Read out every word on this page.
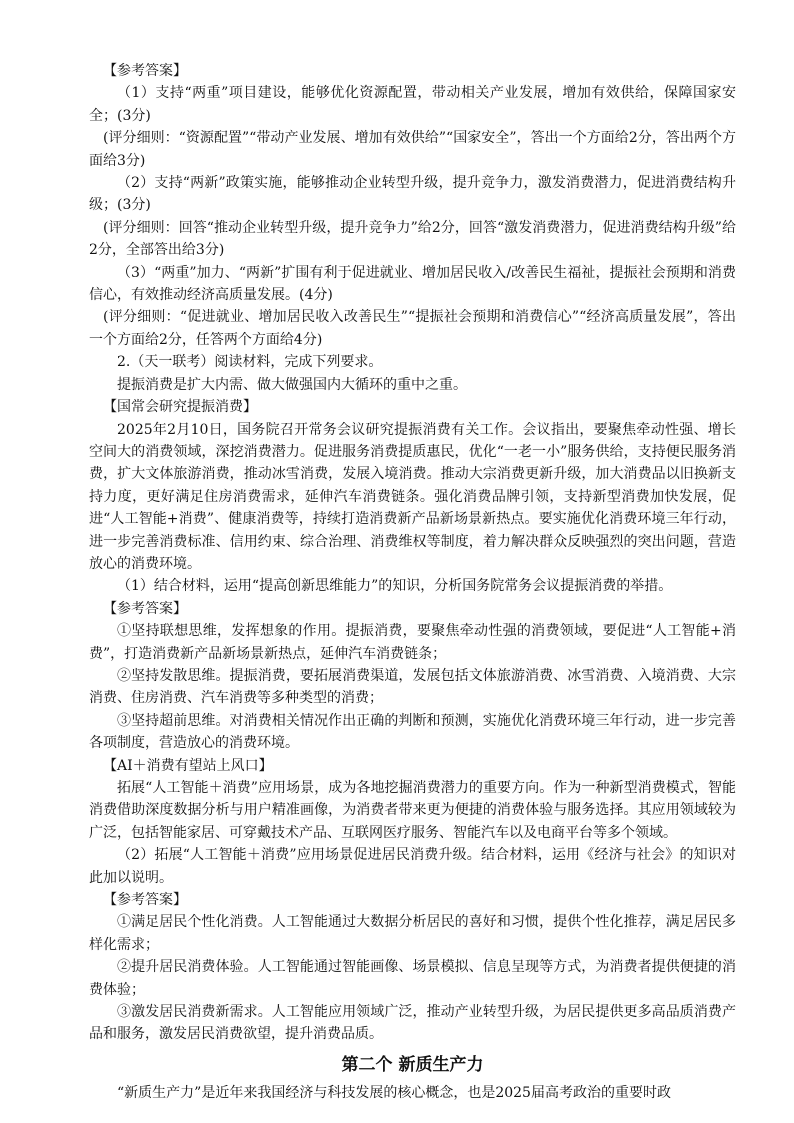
【参考答案】

（1）支持“两重”项目建设，能够优化资源配置，带动相关产业发展，增加有效供给，保障国家安全；(3分)

(评分细则：“资源配置”“带动产业发展、增加有效供给”“国家安全”，答出一个方面给2分，答出两个方面给3分)

（2）支持“两新”政策实施，能够推动企业转型升级，提升竞争力，激发消费潜力，促进消费结构升级；(3分)

(评分细则：回答“推动企业转型升级，提升竞争力”给2分，回答“激发消费潜力，促进消费结构升级”给2分，全部答出给3分)

（3）“两重”加力、“两新”扩围有利于促进就业、增加居民收入/改善民生福祉，提振社会预期和消费信心，有效推动经济高质量发展。(4分)

(评分细则：“促进就业、增加居民收入改善民生”“提振社会预期和消费信心”“经济高质量发展”，答出一个方面给2分，任答两个方面给4分)

2.（天一联考）阅读材料，完成下列要求。

提振消费是扩大内需、做大做强国内大循环的重中之重。

【国常会研究提振消费】

2025年2月10日，国务院召开常务会议研究提振消费有关工作。会议指出，要聚焦牵动性强、增长空间大的消费领域，深挖消费潜力。促进服务消费提质惠民，优化“一老一小”服务供给，支持便民服务消费，扩大文体旅游消费，推动冰雪消费，发展入境消费。推动大宗消费更新升级，加大消费品以旧换新支持力度，更好满足住房消费需求，延伸汽车消费链条。强化消费品牌引领，支持新型消费加快发展，促进“人工智能+消费”、健康消费等，持续打造消费新产品新场景新热点。要实施优化消费环境三年行动，进一步完善消费标准、信用约束、综合治理、消费维权等制度，着力解决群众反映强烈的突出问题，营造放心的消费环境。

（1）结合材料，运用“提高创新思维能力”的知识，分析国务院常务会议提振消费的举措。

【参考答案】

①坚持联想思维，发挥想象的作用。提振消费，要聚焦牵动性强的消费领域，要促进“人工智能+消费”，打造消费新产品新场景新热点，延伸汽车消费链条；

②坚持发散思维。提振消费，要拓展消费渠道，发展包括文体旅游消费、冰雪消费、入境消费、大宗消费、住房消费、汽车消费等多种类型的消费；

③坚持超前思维。对消费相关情况作出正确的判断和预测，实施优化消费环境三年行动，进一步完善各项制度，营造放心的消费环境。

【AI＋消费有望站上风口】

拓展“人工智能＋消费”应用场景，成为各地挖掘消费潜力的重要方向。作为一种新型消费模式，智能消费借助深度数据分析与用户精准画像，为消费者带来更为便捷的消费体验与服务选择。其应用领域较为广泛，包括智能家居、可穿戴技术产品、互联网医疗服务、智能汽车以及电商平台等多个领域。

（2）拓展“人工智能＋消费”应用场景促进居民消费升级。结合材料，运用《经济与社会》的知识对此加以说明。

【参考答案】

①满足居民个性化消费。人工智能通过大数据分析居民的喜好和习惯，提供个性化推荐，满足居民多样化需求；

②提升居民消费体验。人工智能通过智能画像、场景模拟、信息呈现等方式，为消费者提供便捷的消费体验；

③激发居民消费新需求。人工智能应用领域广泛，推动产业转型升级，为居民提供更多高品质消费产品和服务，激发居民消费欲望，提升消费品质。

第二个 新质生产力

“新质生产力”是近年来我国经济与科技发展的核心概念，也是2025届高考政治的重要时政
